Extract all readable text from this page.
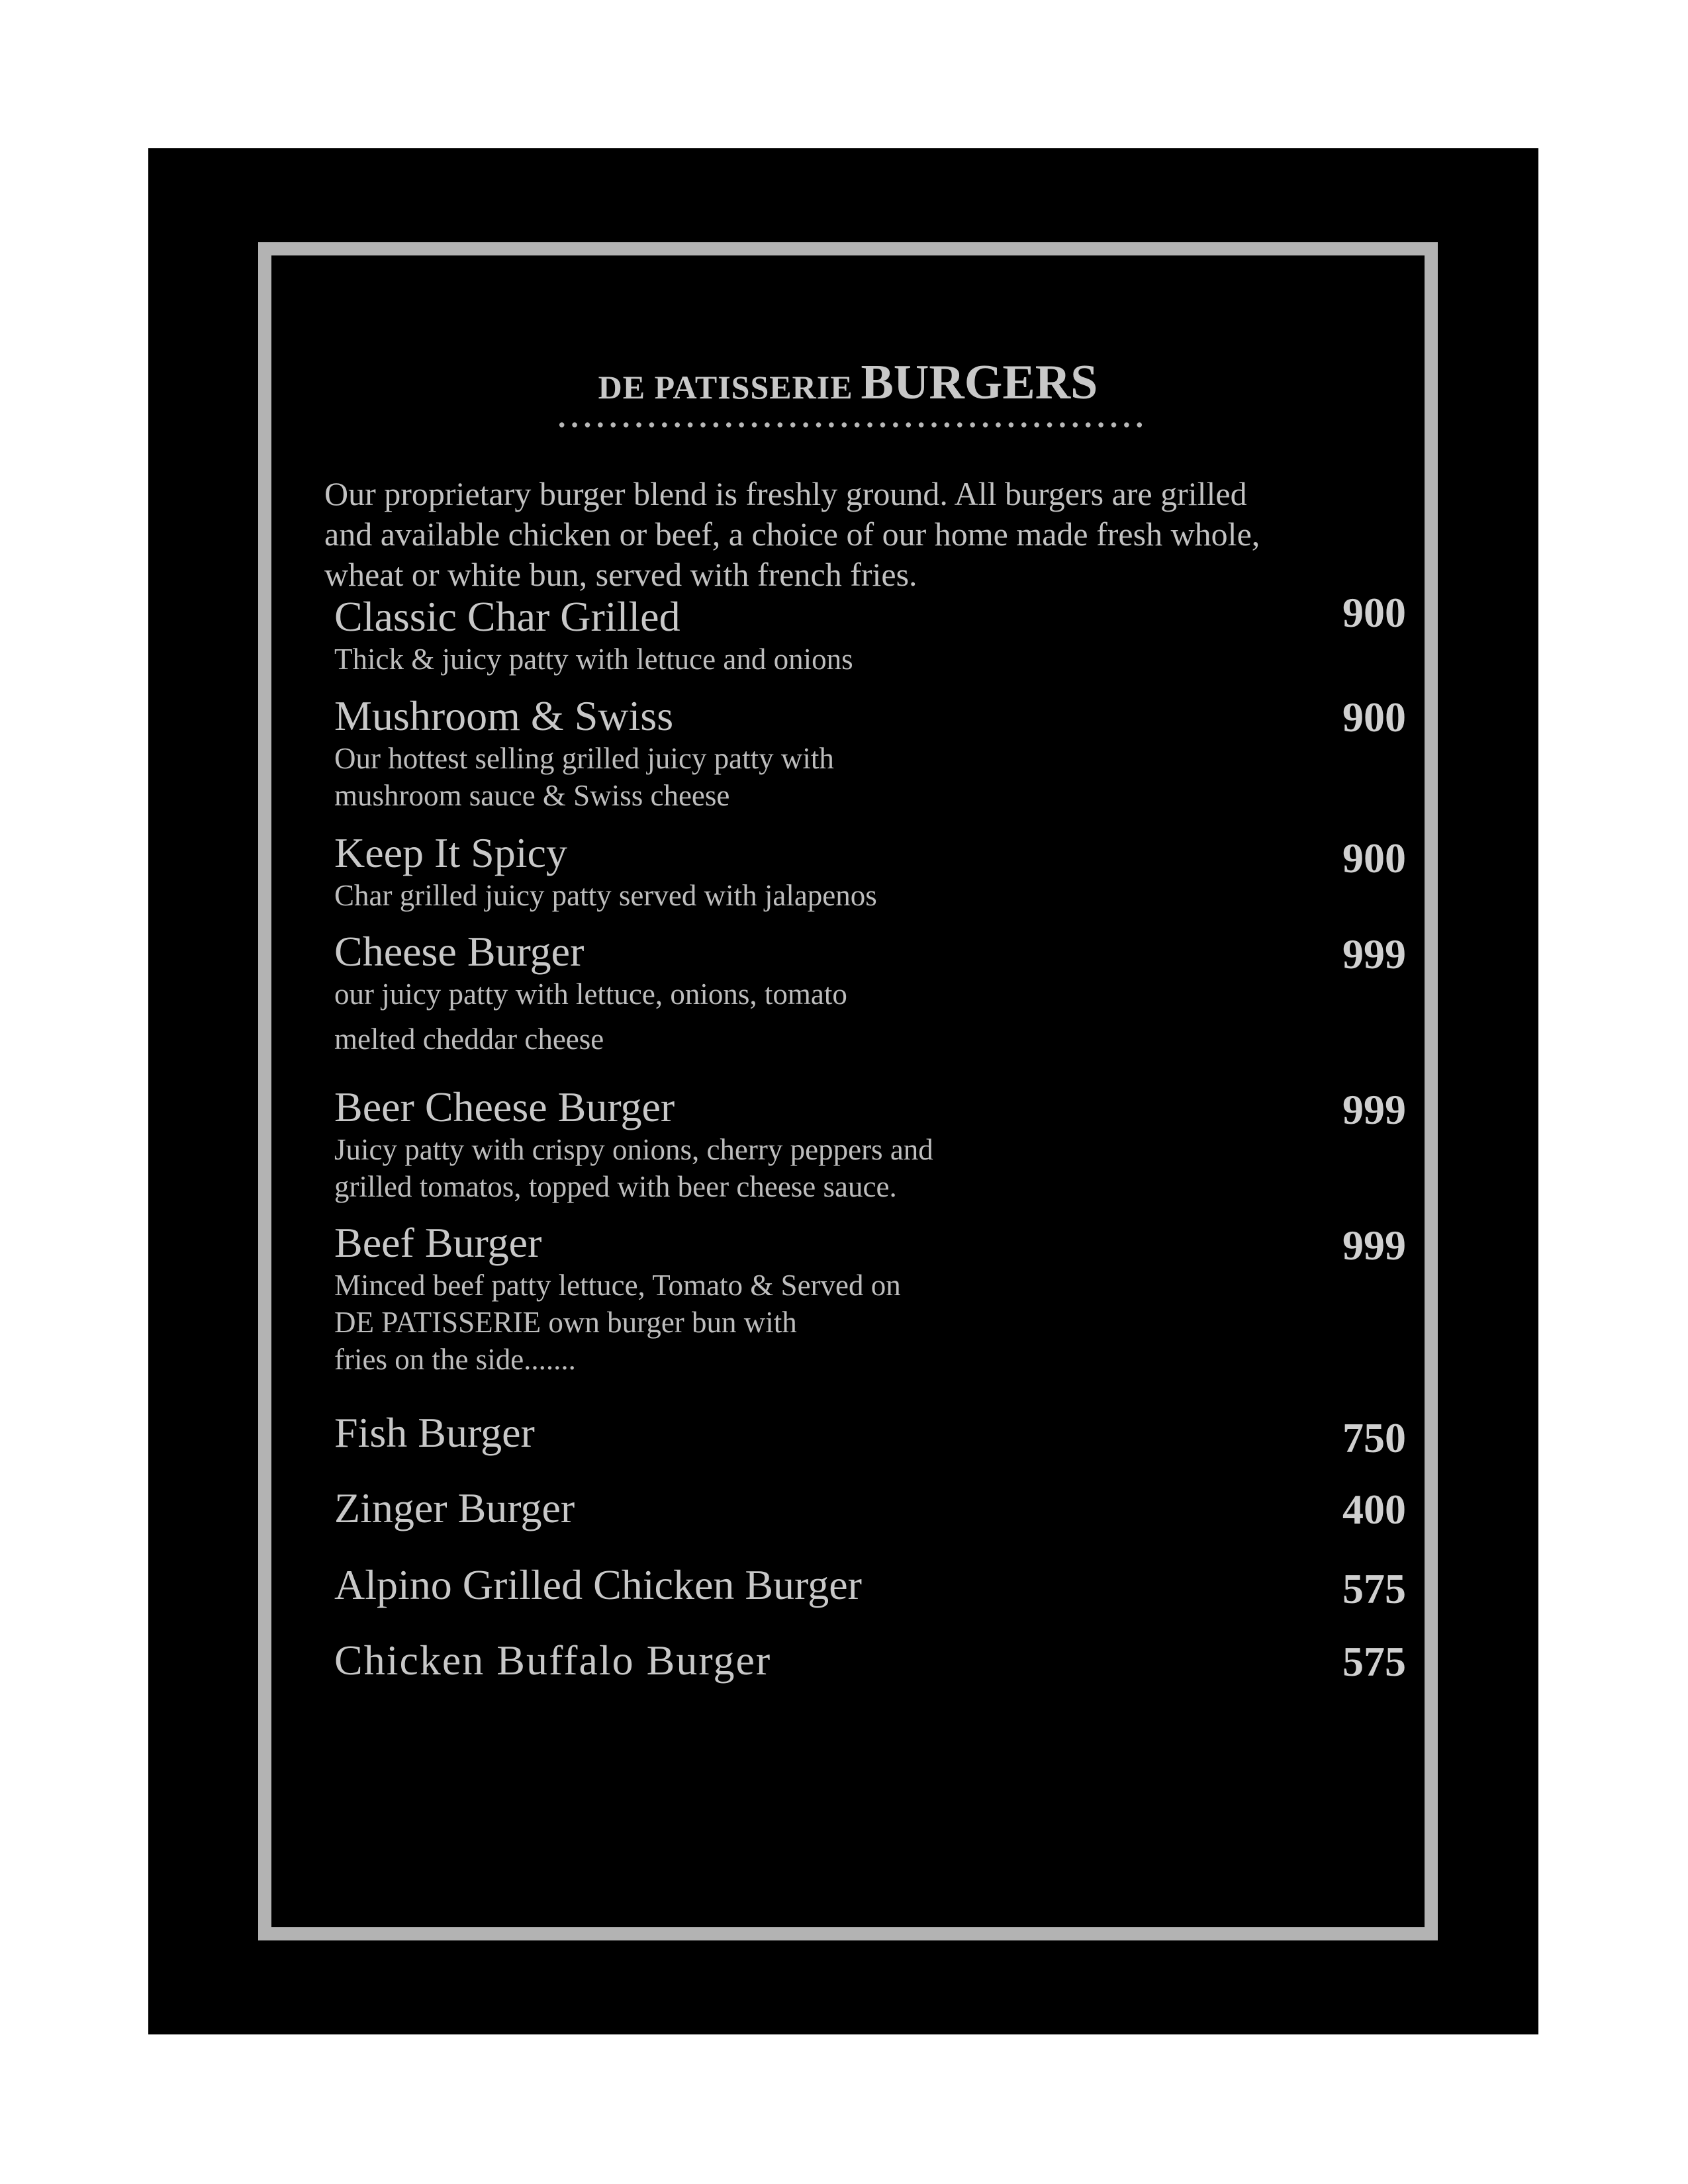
DE PATISSERIE BURGERS

Our proprietary burger blend is freshly ground. All burgers are grilled

and available chicken or beef, a choice of our home made fresh whole,

wheat or white bun, served with french fries.

Classic Char Grilled	900

Thick & juicy patty with lettuce and onions

Mushroom & Swiss	900

Our hottest selling grilled juicy patty with

mushroom sauce & Swiss cheese

Keep It Spicy	900

Char grilled juicy patty served with jalapenos

Cheese Burger	999

our juicy patty with lettuce, onions, tomato

melted cheddar cheese

Beer Cheese Burger	999

Juicy patty with crispy onions, cherry peppers and

grilled tomatos, topped with beer cheese sauce.

Beef Burger	999

Minced beef patty lettuce, Tomato & Served on

DE PATISSERIE own burger bun with

fries on the side.......

Fish Burger	750
Zinger Burger	400
Alpino Grilled Chicken Burger	575
Chicken Buffalo Burger	575
